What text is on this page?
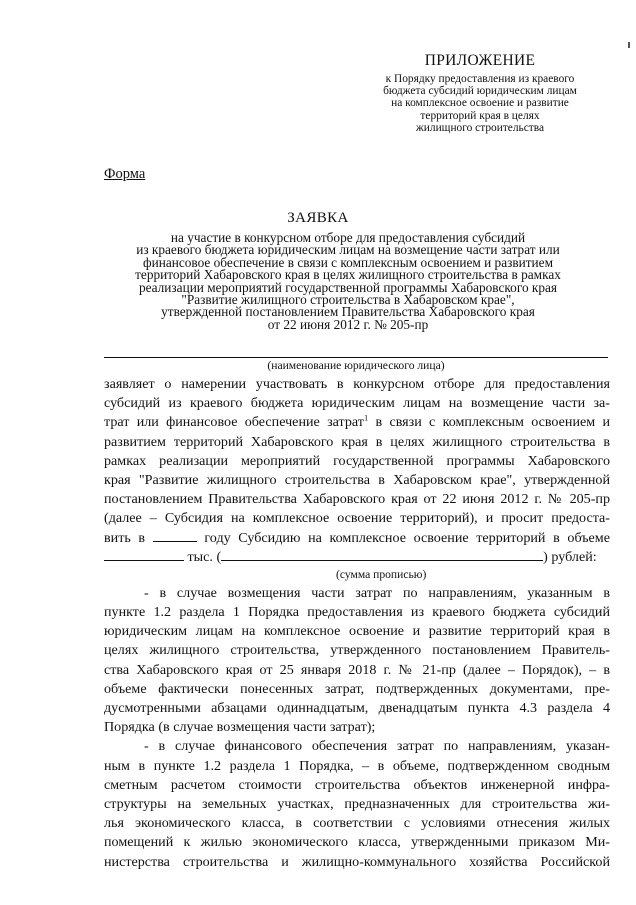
ПРИЛОЖЕНИЕ
к Порядку предоставления из краевого
бюджета субсидий юридическим лицам
на комплексное освоение и развитие
территорий края в целях
жилищного строительства
Форма
ЗАЯВКА
на участие в конкурсном отборе для предоставления субсидий
из краевого бюджета юридическим лицам на возмещение части затрат или
финансовое обеспечение в связи с комплексным освоением и развитием
территорий Хабаровского края в целях жилищного строительства в рамках
реализации мероприятий государственной программы Хабаровского края
"Развитие жилищного строительства в Хабаровском крае",
утвержденной постановлением Правительства Хабаровского края
от 22 июня 2012 г. № 205-пр
(наименование юридического лица)
заявляет о намерении участвовать в конкурсном отборе для предоставления
субсидий из краевого бюджета юридическим лицам на возмещение части за-
трат или финансовое обеспечение затрат$^1$ в связи с комплексным освоением и
развитием территорий Хабаровского края в целях жилищного строительства в
рамках реализации мероприятий государственной программы Хабаровского
края "Развитие жилищного строительства в Хабаровском крае", утвержденной
постановлением Правительства Хабаровского края от 22 июня 2012 г. № 205-пр
(далее – Субсидия на комплексное освоение территорий), и просит предоста-
вить в	году Субсидию на комплексное освоение территорий в объеме
тыс. (	) рублей:
(сумма прописью)
- в случае возмещения части затрат по направлениям, указанным в
пункте 1.2 раздела 1 Порядка предоставления из краевого бюджета субсидий
юридическим лицам на комплексное освоение и развитие территорий края в
целях жилищного строительства, утвержденного постановлением Правитель-
ства Хабаровского края от 25 января 2018 г. № 21-пр (далее – Порядок), – в
объеме фактически понесенных затрат, подтвержденных документами, пре-
дусмотренными абзацами одиннадцатым, двенадцатым пункта 4.3 раздела 4
Порядка (в случае возмещения части затрат);
- в случае финансового обеспечения затрат по направлениям, указан-
ным в пункте 1.2 раздела 1 Порядка, – в объеме, подтвержденном сводным
сметным расчетом стоимости строительства объектов инженерной инфра-
структуры на земельных участках, предназначенных для строительства жи-
лья экономического класса, в соответствии с условиями отнесения жилых
помещений к жилью экономического класса, утвержденными приказом Ми-
нистерства строительства и жилищно-коммунального хозяйства Российской
